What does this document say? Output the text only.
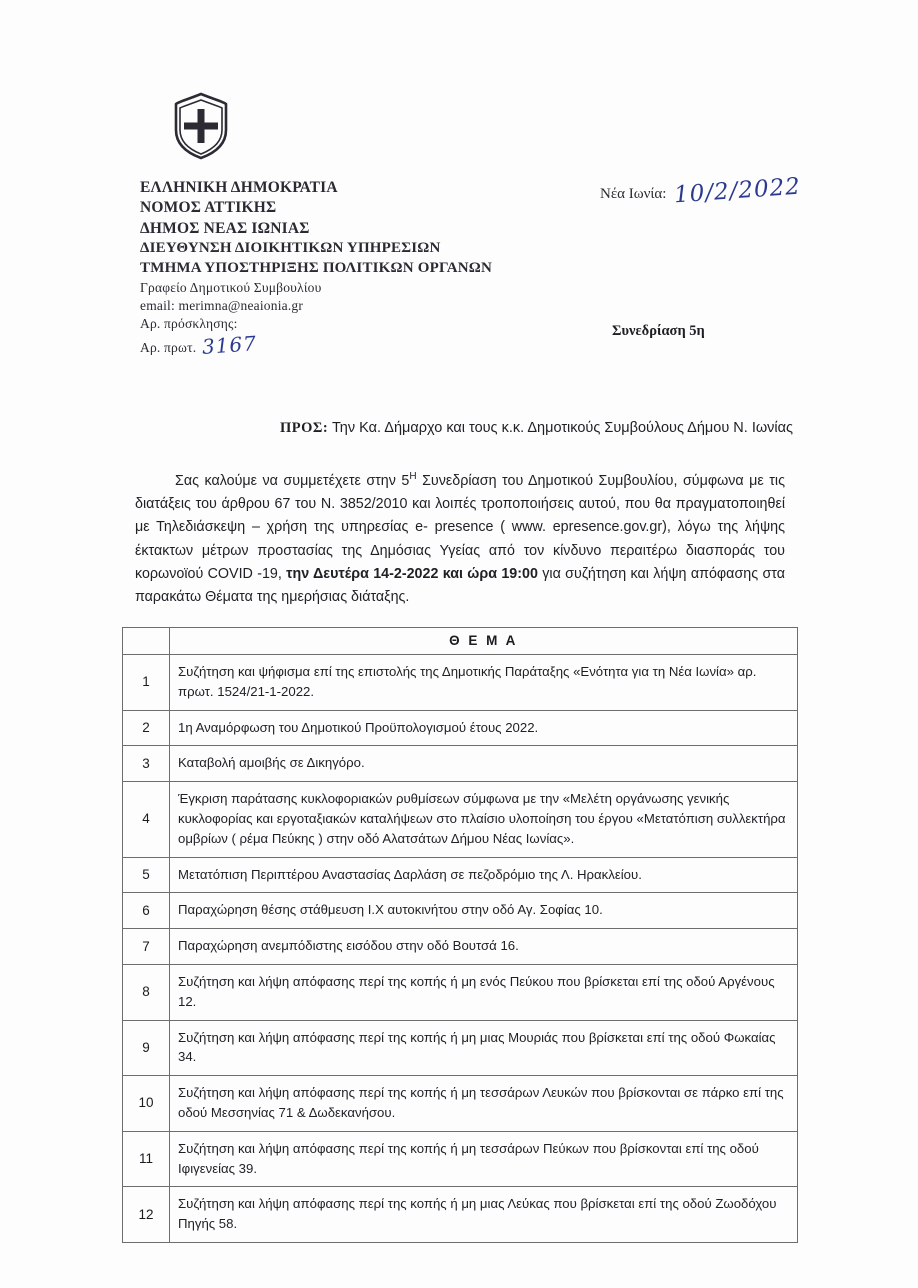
ΕΛΛΗΝΙΚΗ ΔΗΜΟΚΡΑΤΙΑ
ΝΟΜΟΣ ΑΤΤΙΚΗΣ
ΔΗΜΟΣ ΝΕΑΣ ΙΩΝΙΑΣ
ΔΙΕΥΘΥΝΣΗ ΔΙΟΙΚΗΤΙΚΩΝ ΥΠΗΡΕΣΙΩΝ
ΤΜΗΜΑ ΥΠΟΣΤΗΡΙΞΗΣ ΠΟΛΙΤΙΚΩΝ ΟΡΓΑΝΩΝ
Γραφείο Δημοτικού Συμβουλίου
email: merimna@neaionia.gr
Αρ. πρόσκλησης:
Αρ. πρωτ. 3167
Νέα Ιωνία: 10/2/2022
Συνεδρίαση 5η
ΠΡΟΣ: Την Κα. Δήμαρχο και τους κ.κ. Δημοτικούς Συμβούλους Δήμου Ν. Ιωνίας

Σας καλούμε να συμμετέχετε στην $5^H$ Συνεδρίαση του Δημοτικού Συμβουλίου, σύμφωνα με τις διατάξεις του άρθρου 67 του Ν. 3852/2010 και λοιπές τροποποιήσεις αυτού, που θα πραγματοποιηθεί με Τηλεδιάσκεψη – χρήση της υπηρεσίας e- presence ( www. epresence.gov.gr), λόγω της λήψης έκτακτων μέτρων προστασίας της Δημόσιας Υγείας από τον κίνδυνο περαιτέρω διασποράς του κορωνοϊού COVID -19, την Δευτέρα 14-2-2022 και ώρα 19:00 για συζήτηση και λήψη απόφασης στα παρακάτω Θέματα της ημερήσιας διάταξης.

	Θ Ε Μ Α
1	Συζήτηση και ψήφισμα επί της επιστολής της Δημοτικής Παράταξης «Ενότητα για τη Νέα Ιωνία» αρ. πρωτ. 1524/21-1-2022.
2	1η Αναμόρφωση του Δημοτικού Προϋπολογισμού έτους 2022.
3	Καταβολή αμοιβής σε Δικηγόρο.
4	Έγκριση παράτασης κυκλοφοριακών ρυθμίσεων σύμφωνα με την «Μελέτη οργάνωσης γενικής κυκλοφορίας και εργοταξιακών καταλήψεων στο πλαίσιο υλοποίηση του έργου «Μετατόπιση συλλεκτήρα ομβρίων ( ρέμα Πεύκης ) στην οδό Αλατσάτων Δήμου Νέας Ιωνίας».
5	Μετατόπιση Περιπτέρου Αναστασίας Δαρλάση σε πεζοδρόμιο της Λ. Ηρακλείου.
6	Παραχώρηση θέσης στάθμευση Ι.Χ αυτοκινήτου στην οδό Αγ. Σοφίας 10.
7	Παραχώρηση ανεμπόδιστης εισόδου στην οδό Βουτσά 16.
8	Συζήτηση και λήψη απόφασης περί της κοπής ή μη ενός Πεύκου που βρίσκεται επί της οδού Αργένους 12.
9	Συζήτηση και λήψη απόφασης περί της κοπής ή μη μιας Μουριάς που βρίσκεται επί της οδού Φωκαίας 34.
10	Συζήτηση και λήψη απόφασης περί της κοπής ή μη τεσσάρων Λευκών που βρίσκονται σε πάρκο επί της οδού Μεσσηνίας 71 & Δωδεκανήσου.
11	Συζήτηση και λήψη απόφασης περί της κοπής ή μη τεσσάρων Πεύκων που βρίσκονται επί της οδού Ιφιγενείας 39.
12	Συζήτηση και λήψη απόφασης περί της κοπής ή μη μιας Λεύκας που βρίσκεται επί της οδού Ζωοδόχου Πηγής 58.
